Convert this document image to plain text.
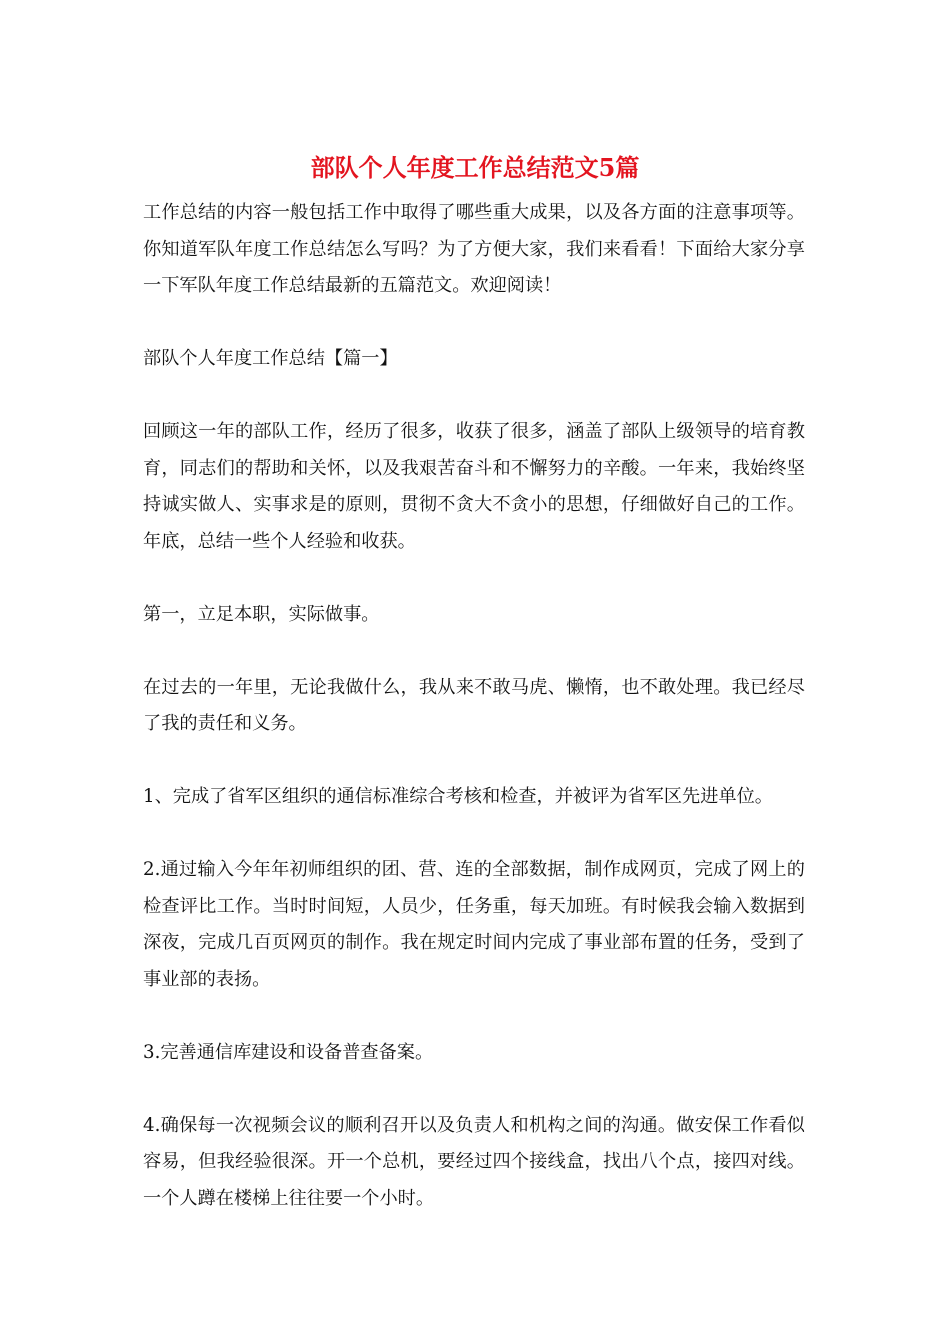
部队个人年度工作总结范文5篇

工作总结的内容一般包括工作中取得了哪些重大成果，以及各方面的注意事项等。你知道军队年度工作总结怎么写吗？为了方便大家，我们来看看！下面给大家分享一下军队年度工作总结最新的五篇范文。欢迎阅读！

部队个人年度工作总结【篇一】

回顾这一年的部队工作，经历了很多，收获了很多，涵盖了部队上级领导的培育教育，同志们的帮助和关怀，以及我艰苦奋斗和不懈努力的辛酸。一年来，我始终坚持诚实做人、实事求是的原则，贯彻不贪大不贪小的思想，仔细做好自己的工作。年底，总结一些个人经验和收获。

第一，立足本职，实际做事。

在过去的一年里，无论我做什么，我从来不敢马虎、懒惰，也不敢处理。我已经尽了我的责任和义务。

1、完成了省军区组织的通信标准综合考核和检查，并被评为省军区先进单位。

2.通过输入今年年初师组织的团、营、连的全部数据，制作成网页，完成了网上的检查评比工作。当时时间短，人员少，任务重，每天加班。有时候我会输入数据到深夜，完成几百页网页的制作。我在规定时间内完成了事业部布置的任务，受到了事业部的表扬。

3.完善通信库建设和设备普查备案。

4.确保每一次视频会议的顺利召开以及负责人和机构之间的沟通。做安保工作看似容易，但我经验很深。开一个总机，要经过四个接线盒，找出八个点，接四对线。一个人蹲在楼梯上往往要一个小时。
